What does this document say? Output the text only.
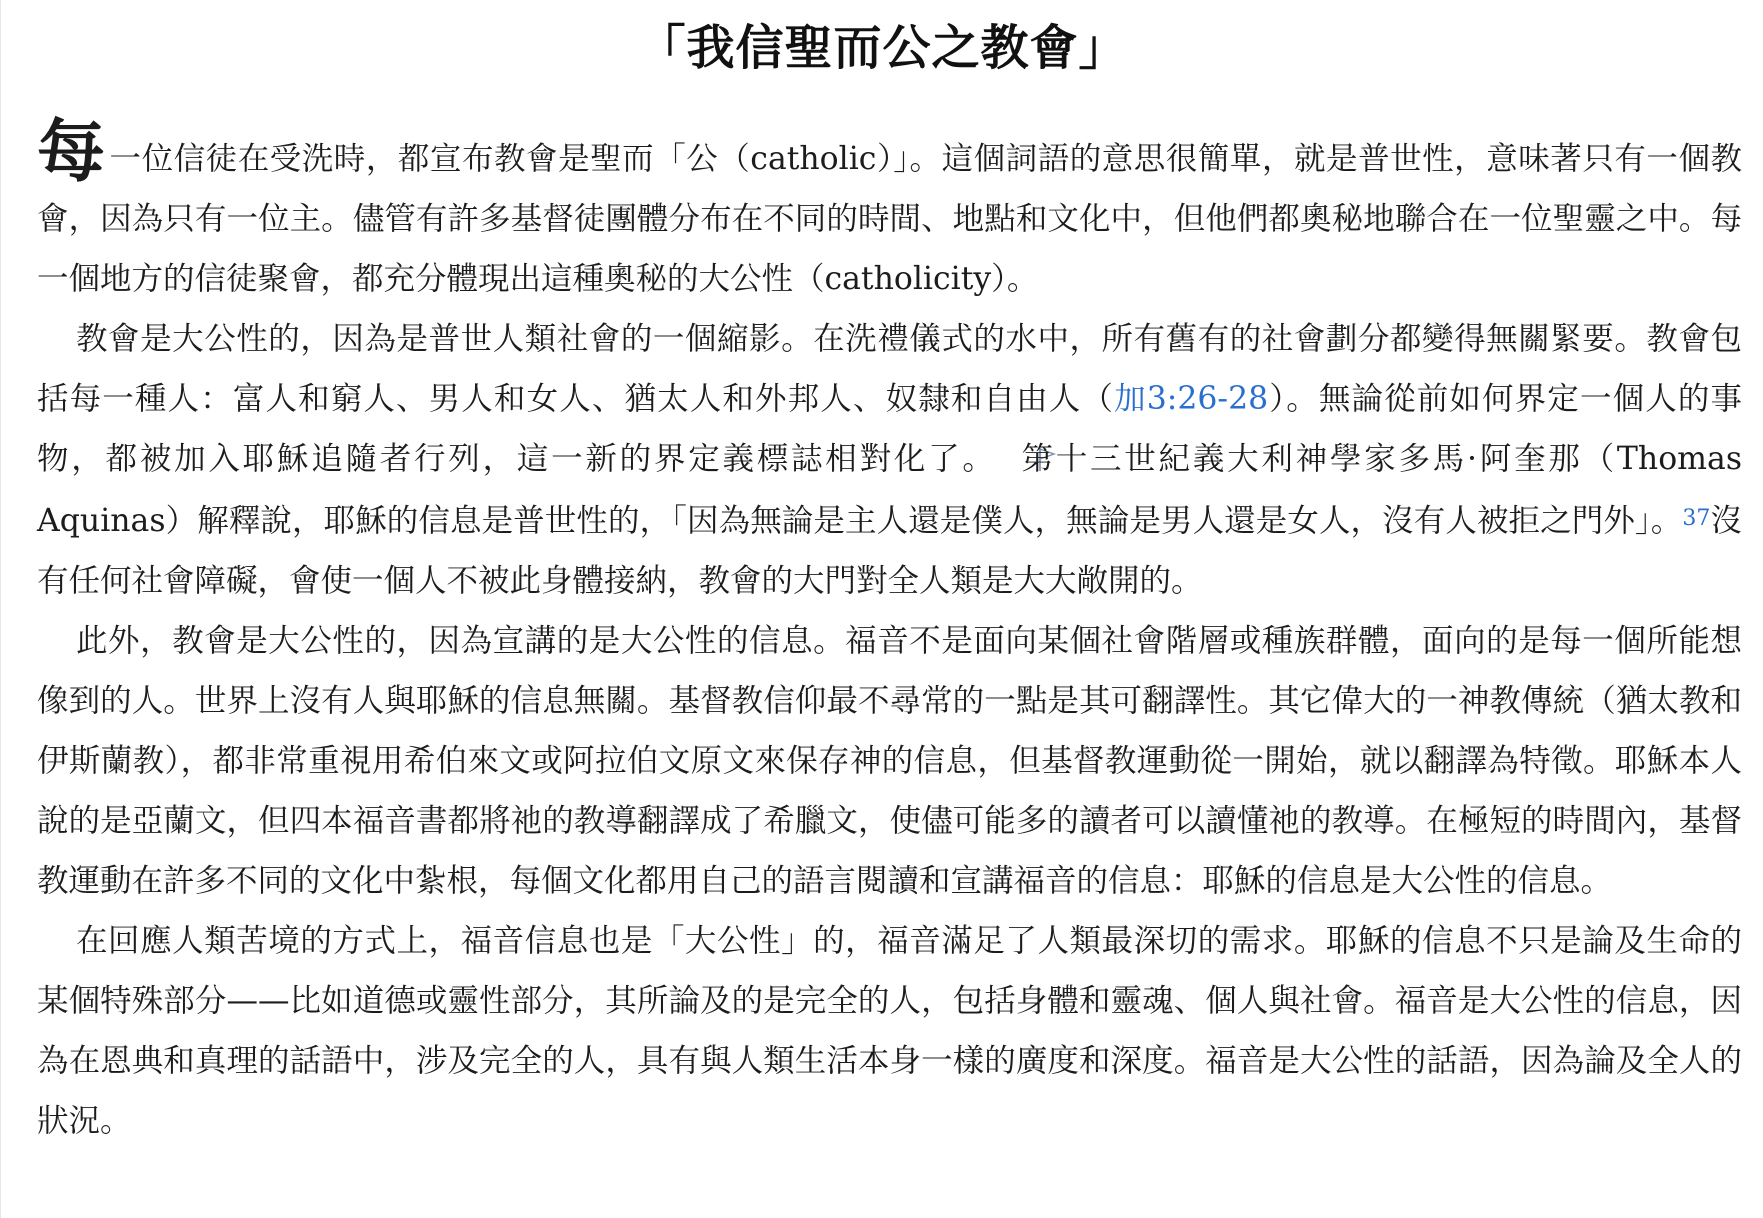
「我信聖而公之教會」

每一位信徒在受洗時，都宣布教會是聖而「公（catholic）」。這個詞語的意思很簡單，就是普世性，意味著只有一個教會，因為只有一位主。儘管有許多基督徒團體分布在不同的時間、地點和文化中，但他們都奧秘地聯合在一位聖靈之中。每一個地方的信徒聚會，都充分體現出這種奧秘的大公性（catholicity）。

教會是大公性的，因為是普世人類社會的一個縮影。在洗禮儀式的水中，所有舊有的社會劃分都變得無關緊要。教會包括每一種人：富人和窮人、男人和女人、猶太人和外邦人、奴隸和自由人（加3:26-28）。無論從前如何界定一個人的事物，都被加入耶穌追隨者行列，這一新的界定義標誌相對化了。 第十三世紀義大利神學家多馬·阿奎那（Thomas Aquinas）解釋說，耶穌的信息是普世性的，「因為無論是主人還是僕人，無論是男人還是女人，沒有人被拒之門外」。37沒有任何社會障礙，會使一個人不被此身體接納，教會的大門對全人類是大大敞開的。

此外，教會是大公性的，因為宣講的是大公性的信息。福音不是面向某個社會階層或種族群體，面向的是每一個所能想像到的人。世界上沒有人與耶穌的信息無關。基督教信仰最不尋常的一點是其可翻譯性。其它偉大的一神教傳統（猶太教和伊斯蘭教），都非常重視用希伯來文或阿拉伯文原文來保存神的信息，但基督教運動從一開始，就以翻譯為特徵。耶穌本人說的是亞蘭文，但四本福音書都將祂的教導翻譯成了希臘文，使儘可能多的讀者可以讀懂祂的教導。在極短的時間內，基督教運動在許多不同的文化中紮根，每個文化都用自己的語言閱讀和宣講福音的信息：耶穌的信息是大公性的信息。

在回應人類苦境的方式上，福音信息也是「大公性」的，福音滿足了人類最深切的需求。耶穌的信息不只是論及生命的某個特殊部分——比如道德或靈性部分，其所論及的是完全的人，包括身體和靈魂、個人與社會。福音是大公性的信息，因為在恩典和真理的話語中，涉及完全的人，具有與人類生活本身一樣的廣度和深度。福音是大公性的話語，因為論及全人的狀況。
